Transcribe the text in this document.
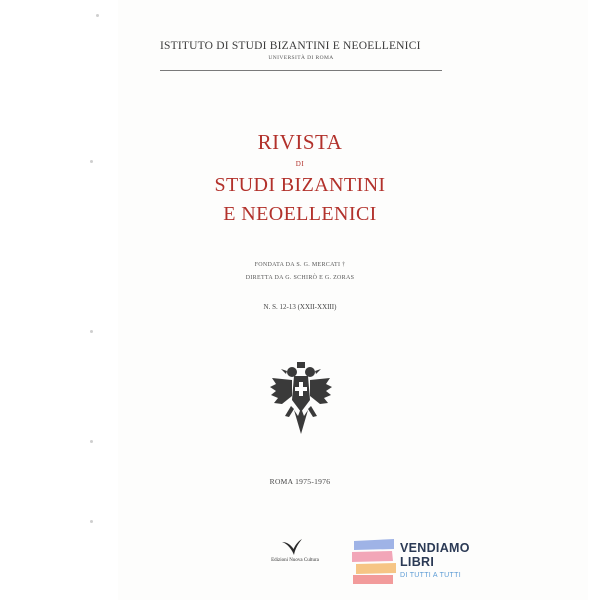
ISTITUTO DI STUDI BIZANTINI E NEOELLENICI
UNIVERSITÀ DI ROMA
RIVISTA
DI
STUDI BIZANTINI
E NEOELLENICI
FONDATA DA S. G. MERCATI †
DIRETTA DA G. SCHIRÒ E G. ZORAS
N. S. 12-13 (XXII-XXIII)
ROMA 1975-1976
Edizioni Nuova Cultura
VENDIAMO
LIBRI
DI TUTTI A TUTTI
